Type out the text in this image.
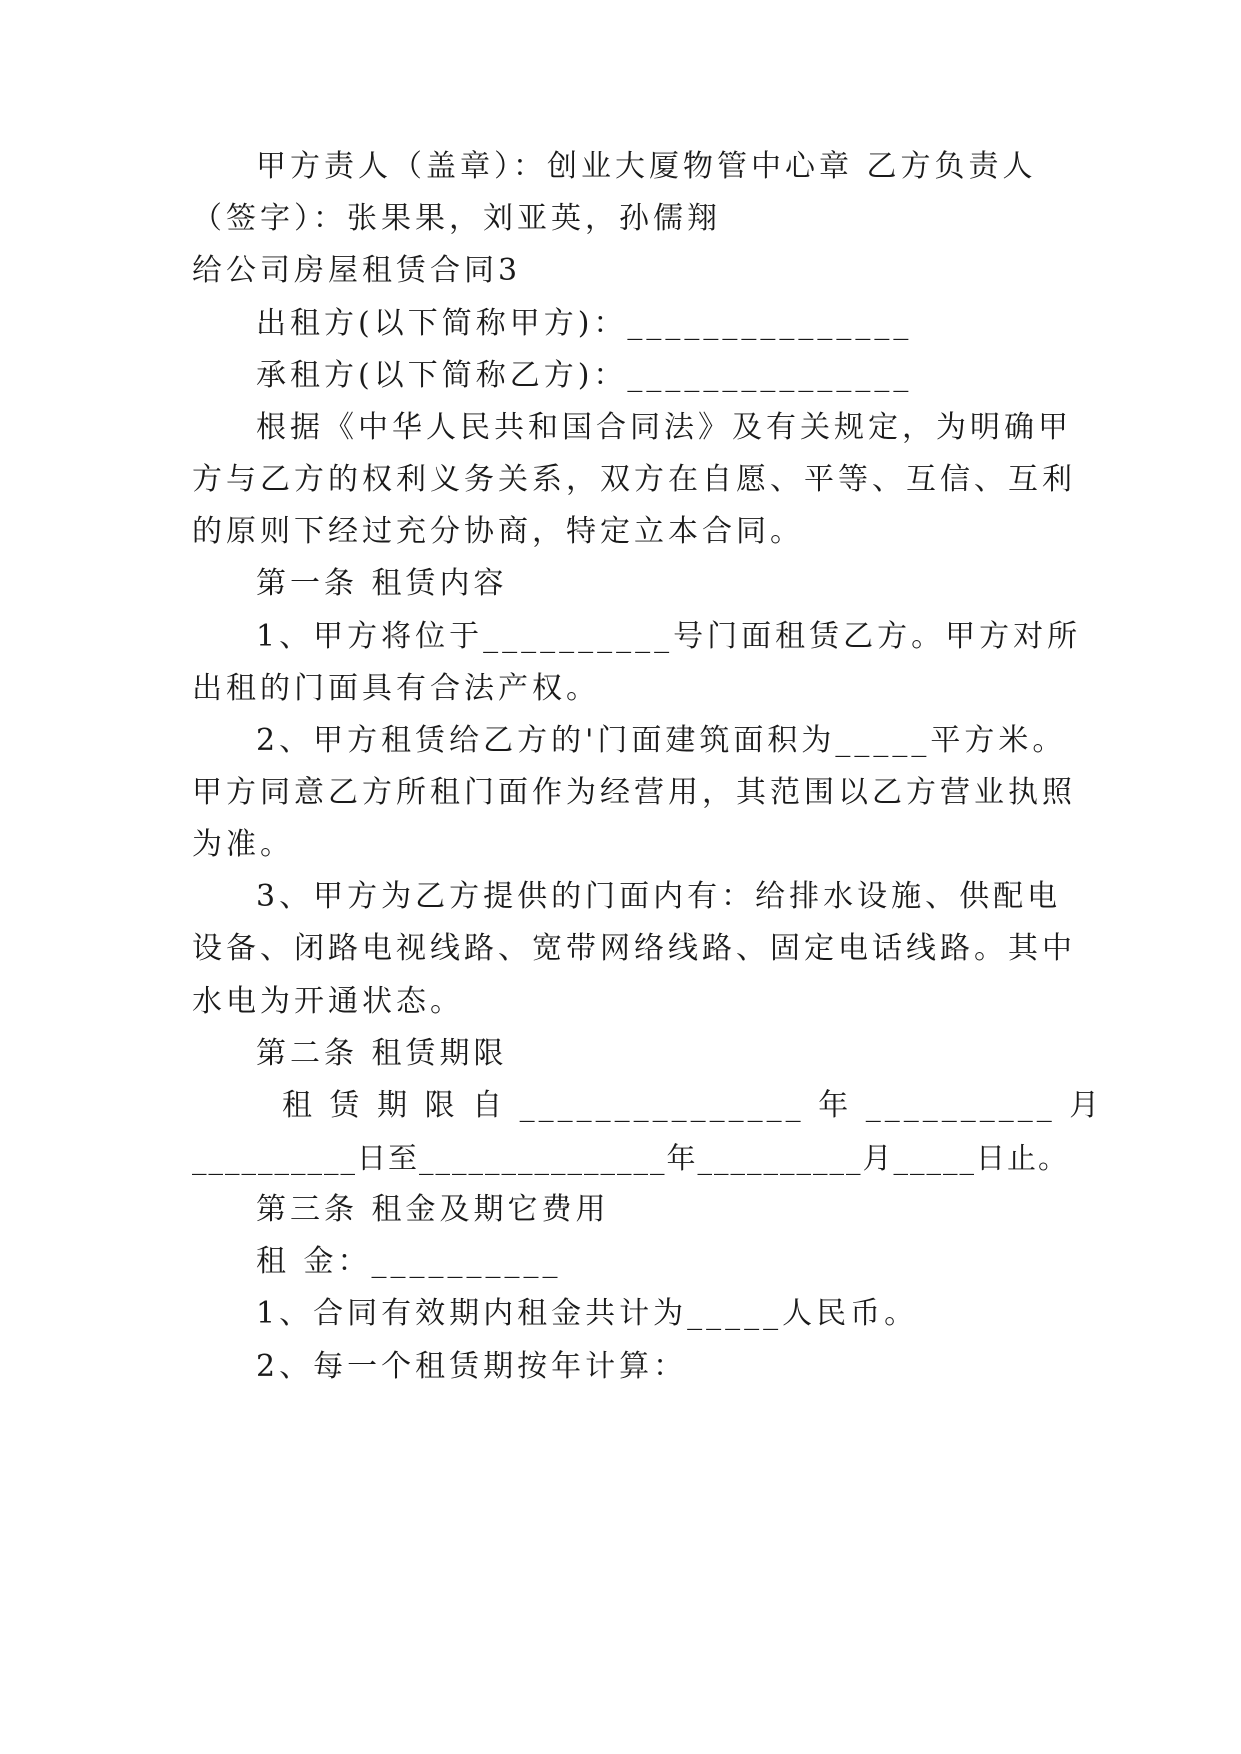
甲方责人（盖章）：创业大厦物管中心章 乙方负责人
（签字）：张果果，刘亚英，孙儒翔
给公司房屋租赁合同3
出租方(以下简称甲方)：_______________
承租方(以下简称乙方)：_______________
根据《中华人民共和国合同法》及有关规定，为明确甲
方与乙方的权利义务关系，双方在自愿、平等、互信、互利
的原则下经过充分协商，特定立本合同。
第一条 租赁内容
1、甲方将位于__________号门面租赁乙方。甲方对所
出租的门面具有合法产权。
2、甲方租赁给乙方的'门面建筑面积为_____平方米。
甲方同意乙方所租门面作为经营用，其范围以乙方营业执照
为准。
3、甲方为乙方提供的门面内有：给排水设施、供配电
设备、闭路电视线路、宽带网络线路、固定电话线路。其中
水电为开通状态。
第二条 租赁期限
租 赁 期 限 自 _______________ 年 __________ 月
__________日至_______________年__________月_____日止。
第三条 租金及期它费用
租 金：__________
1、合同有效期内租金共计为_____人民币。
2、每一个租赁期按年计算：
